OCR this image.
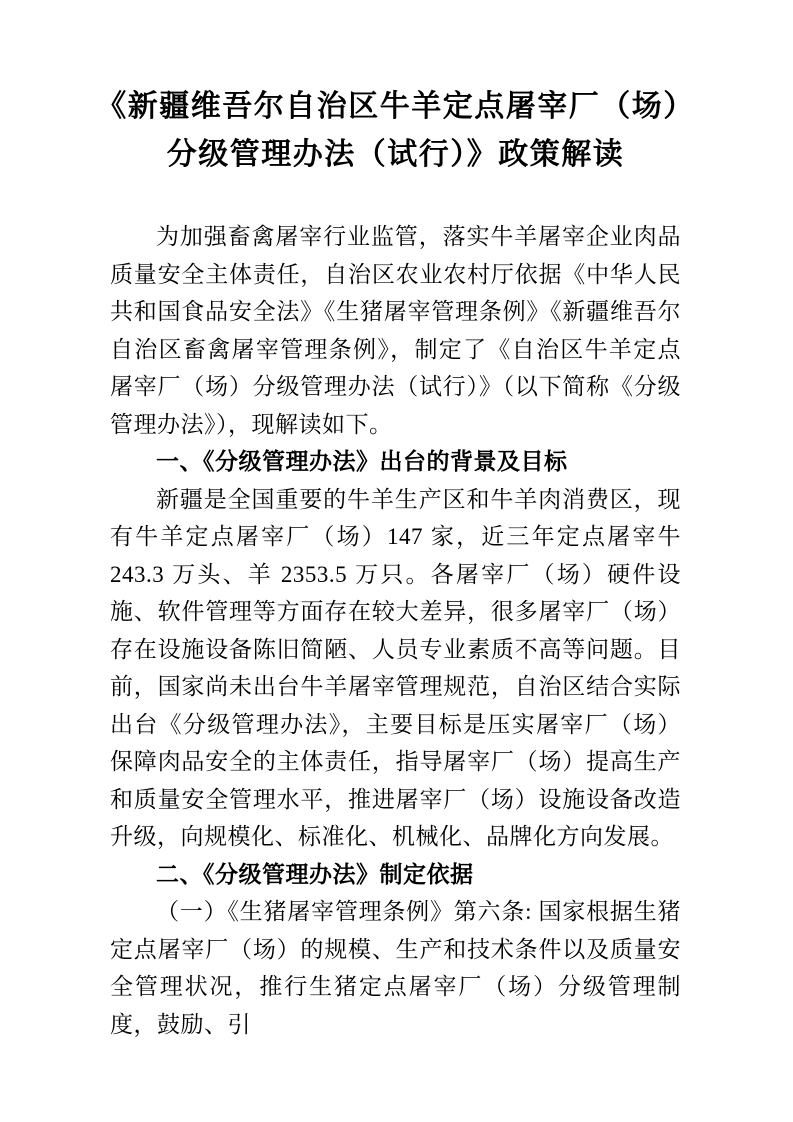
《新疆维吾尔自治区牛羊定点屠宰厂（场）
分级管理办法（试行）》政策解读

为加强畜禽屠宰行业监管，落实牛羊屠宰企业肉品质量安全主体责任，自治区农业农村厅依据《中华人民共和国食品安全法》《生猪屠宰管理条例》《新疆维吾尔自治区畜禽屠宰管理条例》，制定了《自治区牛羊定点屠宰厂（场）分级管理办法（试行）》（以下简称《分级管理办法》），现解读如下。

一、《分级管理办法》出台的背景及目标

新疆是全国重要的牛羊生产区和牛羊肉消费区，现有牛羊定点屠宰厂（场）147 家，近三年定点屠宰牛 243.3 万头、羊 2353.5 万只。各屠宰厂（场）硬件设施、软件管理等方面存在较大差异，很多屠宰厂（场）存在设施设备陈旧简陋、人员专业素质不高等问题。目前，国家尚未出台牛羊屠宰管理规范，自治区结合实际出台《分级管理办法》，主要目标是压实屠宰厂（场）保障肉品安全的主体责任，指导屠宰厂（场）提高生产和质量安全管理水平，推进屠宰厂（场）设施设备改造升级，向规模化、标准化、机械化、品牌化方向发展。

二、《分级管理办法》制定依据

（一）《生猪屠宰管理条例》第六条: 国家根据生猪定点屠宰厂（场）的规模、生产和技术条件以及质量安全管理状况，推行生猪定点屠宰厂（场）分级管理制度，鼓励、引
